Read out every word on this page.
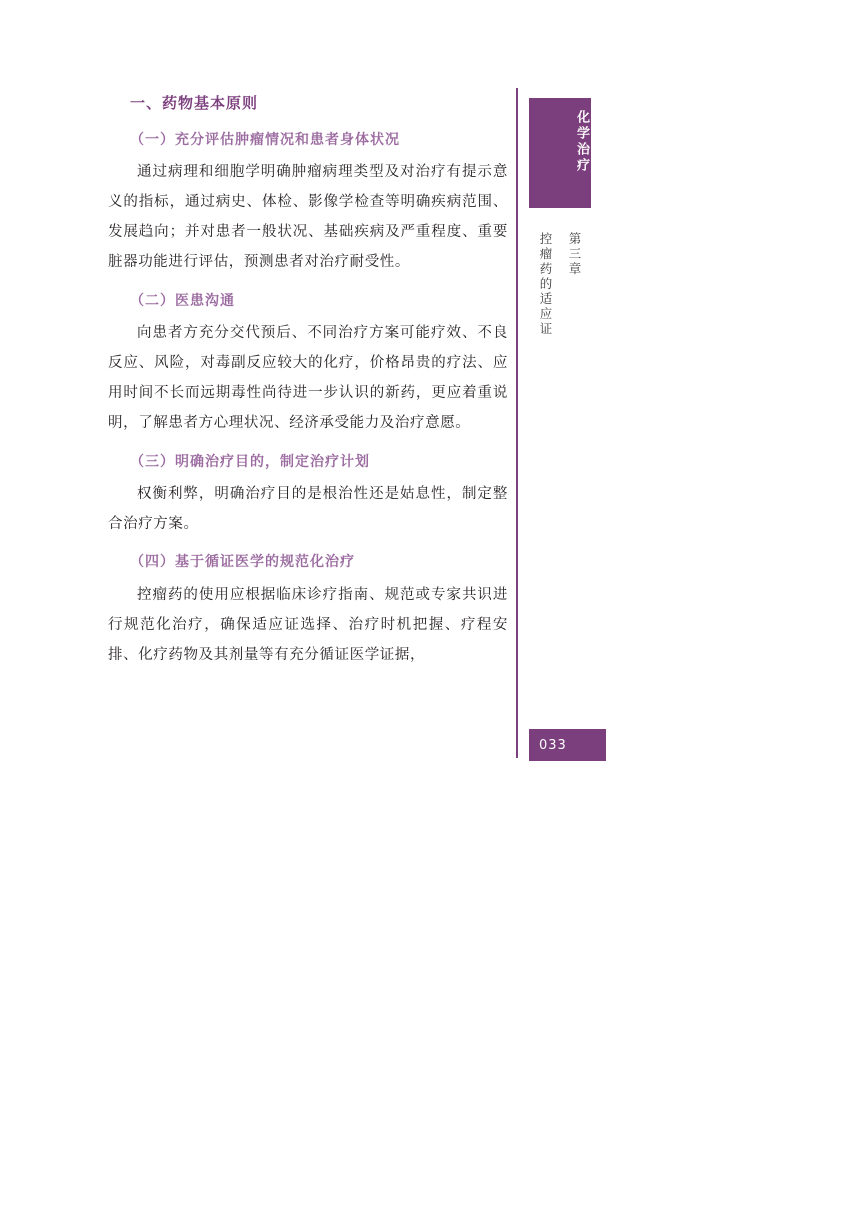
一、药物基本原则
（一）充分评估肿瘤情况和患者身体状况

通过病理和细胞学明确肿瘤病理类型及对治疗有提示意义的指标，通过病史、体检、影像学检查等明确疾病范围、发展趋向；并对患者一般状况、基础疾病及严重程度、重要脏器功能进行评估，预测患者对治疗耐受性。

（二）医患沟通

向患者方充分交代预后、不同治疗方案可能疗效、不良反应、风险，对毒副反应较大的化疗，价格昂贵的疗法、应用时间不长而远期毒性尚待进一步认识的新药，更应着重说明，了解患者方心理状况、经济承受能力及治疗意愿。

（三）明确治疗目的，制定治疗计划

权衡利弊，明确治疗目的是根治性还是姑息性，制定整合治疗方案。

（四）基于循证医学的规范化治疗

控瘤药的使用应根据临床诊疗指南、规范或专家共识进行规范化治疗，确保适应证选择、治疗时机把握、疗程安排、化疗药物及其剂量等有充分循证医学证据，

化学治疗
第三章
控瘤药的适应证
033
